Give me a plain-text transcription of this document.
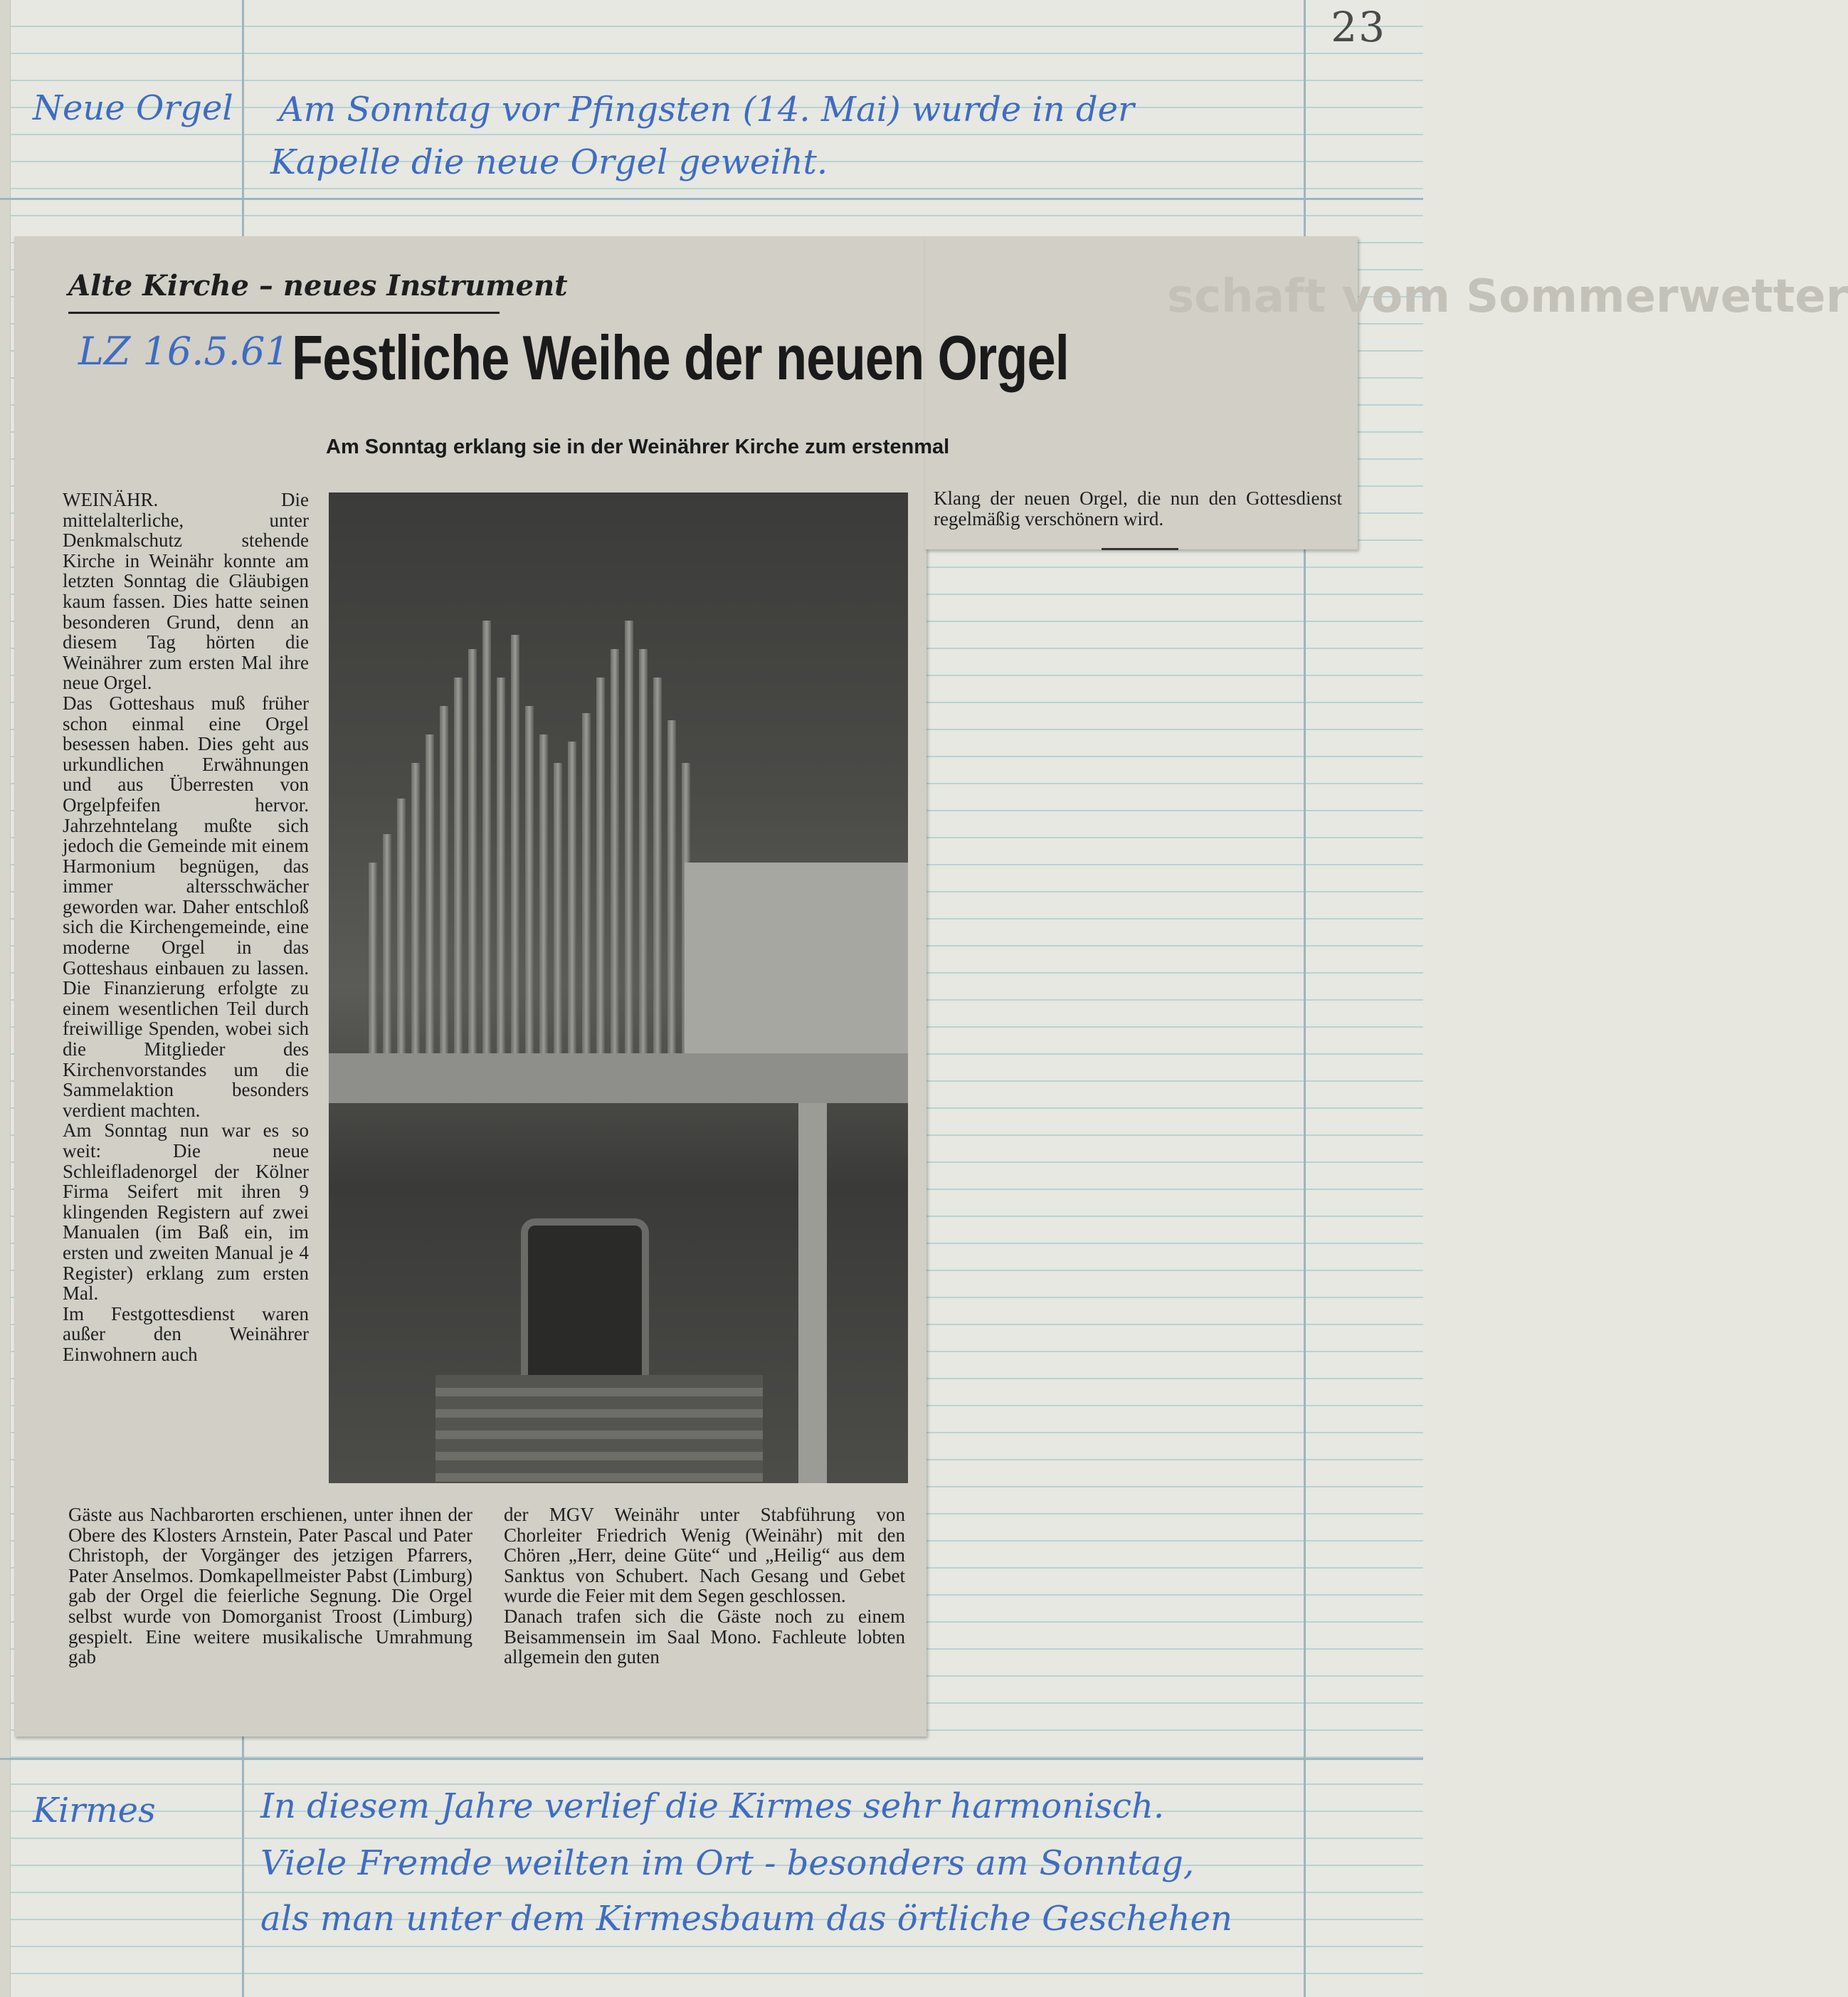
23
Neue Orgel Am Sonntag vor Pfingsten (14. Mai) wurde in der
Kapelle die neue Orgel geweiht.
schaft vom Sommerwetter
Alte Kirche – neues Instrument
LZ 16.5.61 Festliche Weihe der neuen Orgel
Am Sonntag erklang sie in der Weinährer Kirche zum erstenmal
WEINÄHR. Die mittelalterliche, unter Denkmalschutz stehende Kirche in Weinähr konnte am letzten Sonntag die Gläubigen kaum fassen. Dies hatte seinen besonderen Grund, denn an diesem Tag hörten die Weinährer zum ersten Mal ihre neue Orgel.
Das Gotteshaus muß früher schon einmal eine Orgel besessen haben. Dies geht aus urkundlichen Erwähnungen und aus Überresten von Orgelpfeifen hervor. Jahrzehntelang mußte sich jedoch die Gemeinde mit einem Harmonium begnügen, das immer altersschwächer geworden war. Daher entschloß sich die Kirchengemeinde, eine moderne Orgel in das Gotteshaus einbauen zu lassen. Die Finanzierung erfolgte zu einem wesentlichen Teil durch freiwillige Spenden, wobei sich die Mitglieder des Kirchenvorstandes um die Sammelaktion besonders verdient machten.
Am Sonntag nun war es so weit: Die neue Schleifladenorgel der Kölner Firma Seifert mit ihren 9 klingenden Registern auf zwei Manualen (im Baß ein, im ersten und zweiten Manual je 4 Register) erklang zum ersten Mal.
Im Festgottesdienst waren außer den Weinährer Einwohnern auch
Gäste aus Nachbarorten erschienen, unter ihnen der Obere des Klosters Arnstein, Pater Pascal und Pater Christoph, der Vorgänger des jetzigen Pfarrers, Pater Anselmos. Domkapellmeister Pabst (Limburg) gab der Orgel die feierliche Segnung. Die Orgel selbst wurde von Domorganist Troost (Limburg) gespielt. Eine weitere musikalische Umrahmung gab
der MGV Weinähr unter Stabführung von Chorleiter Friedrich Wenig (Weinähr) mit den Chören „Herr, deine Güte“ und „Heilig“ aus dem Sanktus von Schubert. Nach Gesang und Gebet wurde die Feier mit dem Segen geschlossen.
Danach trafen sich die Gäste noch zu einem Beisammensein im Saal Mono. Fachleute lobten allgemein den guten
Klang der neuen Orgel, die nun den Gottesdienst regelmäßig verschönern wird.
Kirmes	In diesem Jahre verlief die Kirmes sehr harmonisch.
Viele Fremde weilten im Ort - besonders am Sonntag,
als man unter dem Kirmesbaum das örtliche Geschehen
